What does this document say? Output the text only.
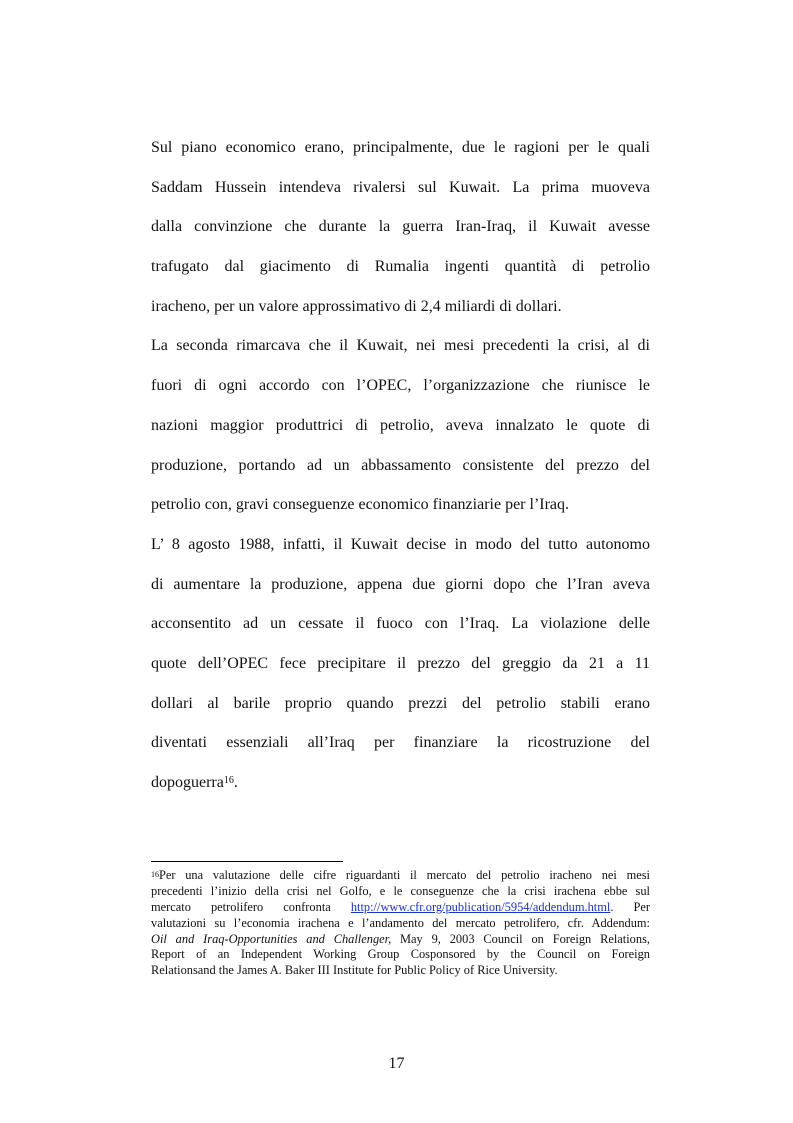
Sul piano economico erano, principalmente, due le ragioni per le quali
Saddam Hussein intendeva rivalersi sul Kuwait. La prima muoveva
dalla convinzione che durante la guerra Iran-Iraq, il Kuwait avesse
trafugato dal giacimento di Rumalia ingenti quantità di petrolio
iracheno, per un valore approssimativo di 2,4 miliardi di dollari.
La seconda rimarcava che il Kuwait, nei mesi precedenti la crisi, al di
fuori di ogni accordo con l’OPEC, l’organizzazione che riunisce le
nazioni maggior produttrici di petrolio, aveva innalzato le quote di
produzione, portando ad un abbassamento consistente del prezzo del
petrolio con, gravi conseguenze economico finanziarie per l’Iraq.
L’ 8 agosto 1988, infatti, il Kuwait decise in modo del tutto autonomo
di aumentare la produzione, appena due giorni dopo che l’Iran aveva
acconsentito ad un cessate il fuoco con l’Iraq. La violazione delle
quote dell’OPEC fece precipitare il prezzo del greggio da 21 a 11
dollari al barile proprio quando prezzi del petrolio stabili erano
diventati essenziali all’Iraq per finanziare la ricostruzione del
dopoguerra$^{16}$.
$^{16}$Per una valutazione delle cifre riguardanti il mercato del petrolio iracheno nei mesi
precedenti l’inizio della crisi nel Golfo, e le conseguenze che la crisi irachena ebbe sul
mercato petrolifero confronta http://www.cfr.org/publication/5954/addendum.html. Per
valutazioni su l’economia irachena e l’andamento del mercato petrolifero, cfr. Addendum:
Oil and Iraq-Opportunities and Challenger, May 9, 2003 Council on Foreign Relations,
Report of an Independent Working Group Cosponsored by the Council on Foreign
Relationsand the James A. Baker III Institute for Public Policy of Rice University.
17
